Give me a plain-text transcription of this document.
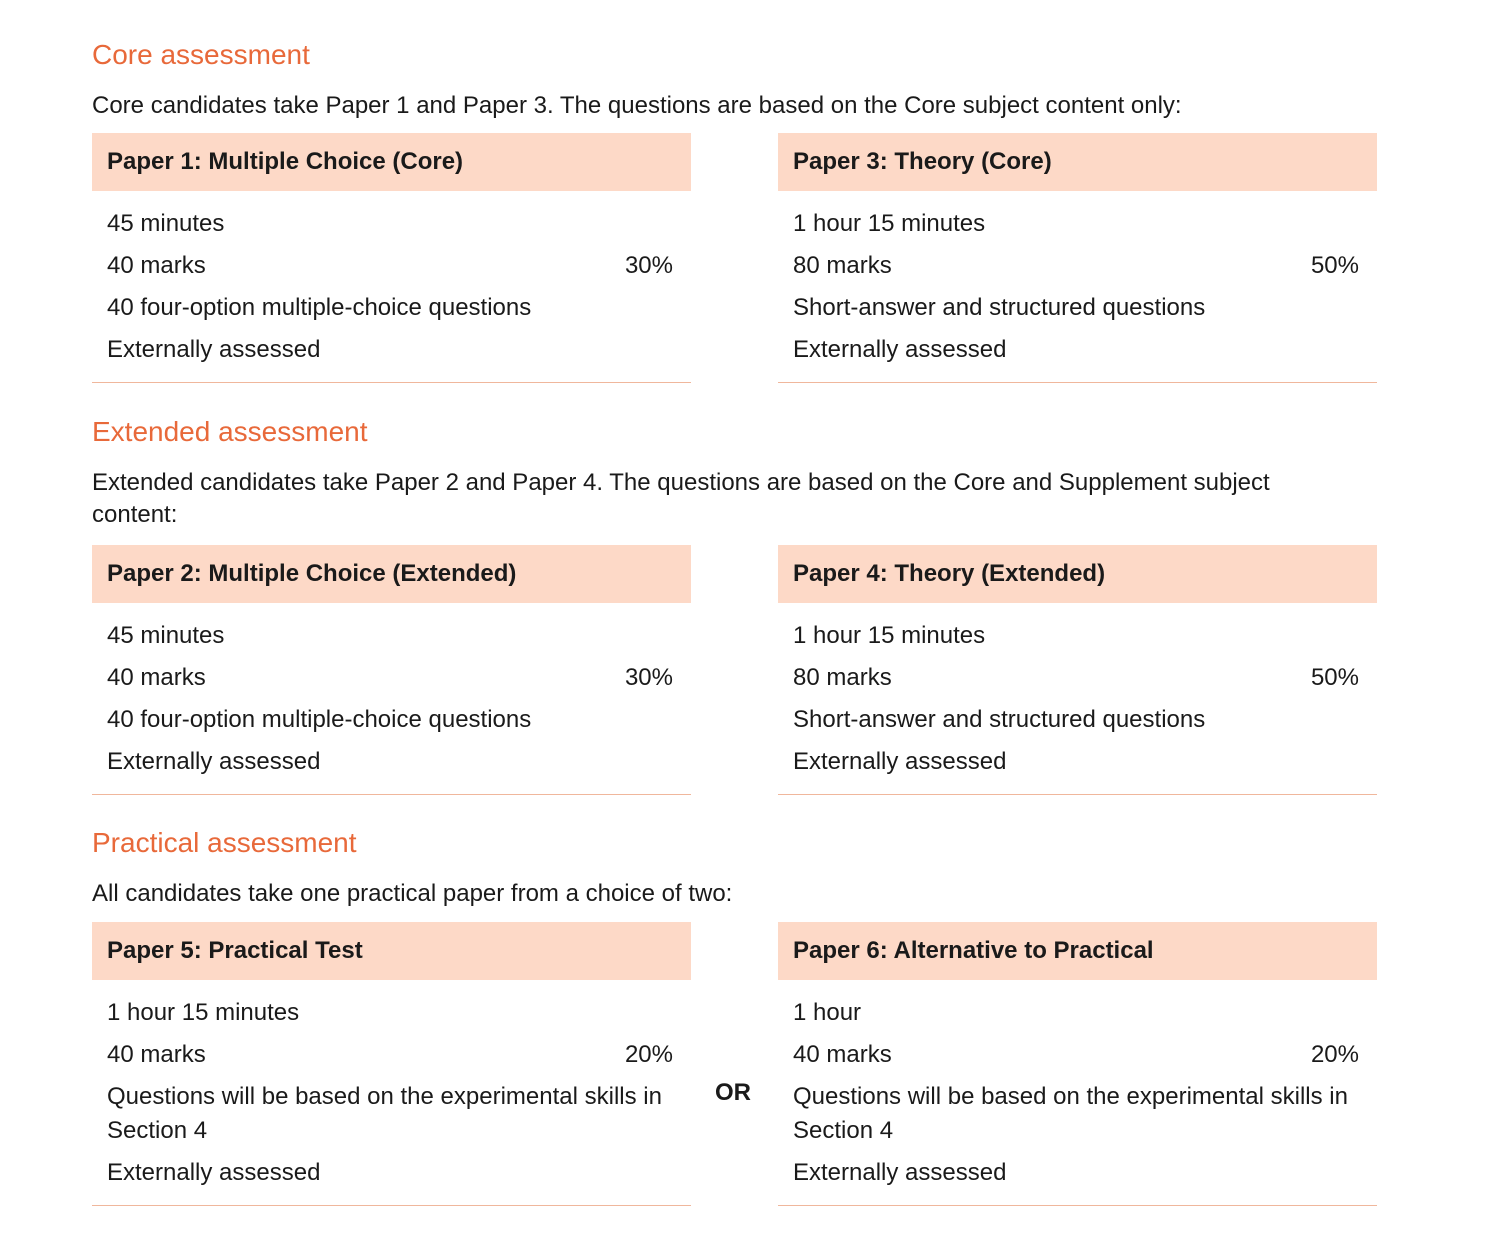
Core assessment

Core candidates take Paper 1 and Paper 3. The questions are based on the Core subject content only:

Paper 1: Multiple Choice (Core)
45 minutes
40 marks	30%
40 four-option multiple-choice questions
Externally assessed
Paper 3: Theory (Core)
1 hour 15 minutes
80 marks	50%
Short-answer and structured questions
Externally assessed
Extended assessment

Extended candidates take Paper 2 and Paper 4. The questions are based on the Core and Supplement subject content:

Paper 2: Multiple Choice (Extended)
45 minutes
40 marks	30%
40 four-option multiple-choice questions
Externally assessed
Paper 4: Theory (Extended)
1 hour 15 minutes
80 marks	50%
Short-answer and structured questions
Externally assessed
Practical assessment

All candidates take one practical paper from a choice of two:

Paper 5: Practical Test
1 hour 15 minutes
40 marks	20%
Questions will be based on the experimental skills in Section 4
Externally assessed
OR
Paper 6: Alternative to Practical
1 hour
40 marks	20%
Questions will be based on the experimental skills in Section 4
Externally assessed
